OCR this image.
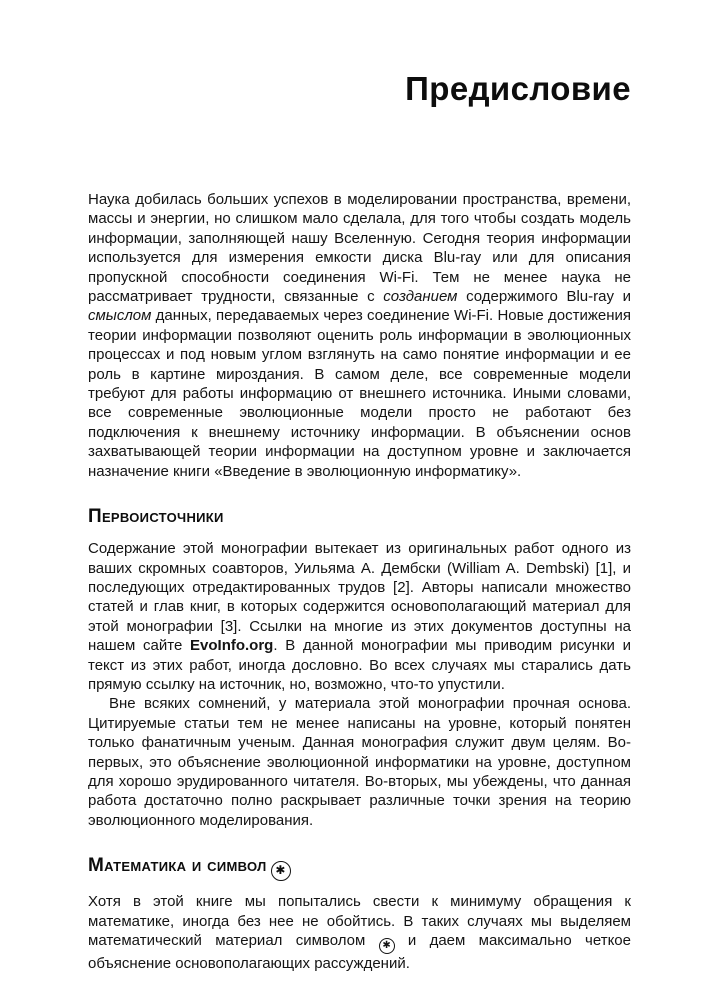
Предисловие

Наука добилась больших успехов в моделировании пространства, времени, массы и энергии, но слишком мало сделала, для того чтобы создать модель информации, заполняющей нашу Вселенную. Сегодня теория информации используется для измерения емкости диска Blu-ray или для описания пропускной способности соединения Wi-Fi. Тем не менее наука не рассматривает трудности, связанные с созданием содержимого Blu-ray и смыслом данных, передаваемых через соединение Wi-Fi. Новые достижения теории информации позволяют оценить роль информации в эволюционных процессах и под новым углом взглянуть на само понятие информации и ее роль в картине мироздания. В самом деле, все современные модели требуют для работы информацию от внешнего источника. Иными словами, все современные эволюционные модели просто не работают без подключения к внешнему источнику информации. В объяснении основ захватывающей теории информации на доступном уровне и заключается назначение книги «Введение в эволюционную информатику».

Первоисточники

Содержание этой монографии вытекает из оригинальных работ одного из ваших скромных соавторов, Уильяма А. Дембски (William A. Dembski) [1], и последующих отредактированных трудов [2]. Авторы написали множество статей и глав книг, в которых содержится основополагающий материал для этой монографии [3]. Ссылки на многие из этих документов доступны на нашем сайте EvoInfo.org. В данной монографии мы приводим рисунки и текст из этих работ, иногда дословно. Во всех случаях мы старались дать прямую ссылку на источник, но, возможно, что-то упустили.

Вне всяких сомнений, у материала этой монографии прочная основа. Цитируемые статьи тем не менее написаны на уровне, который понятен только фанатичным ученым. Данная монография служит двум целям. Во-первых, это объяснение эволюционной информатики на уровне, доступном для хорошо эрудированного читателя. Во-вторых, мы убеждены, что данная работа достаточно полно раскрывает различные точки зрения на теорию эволюционного моделирования.

Математика и символ ✱

Хотя в этой книге мы попытались свести к минимуму обращения к математике, иногда без нее не обойтись. В таких случаях мы выделяем математический материал символом ✱ и даем максимально четкое объяснение основополагающих рассуждений.
